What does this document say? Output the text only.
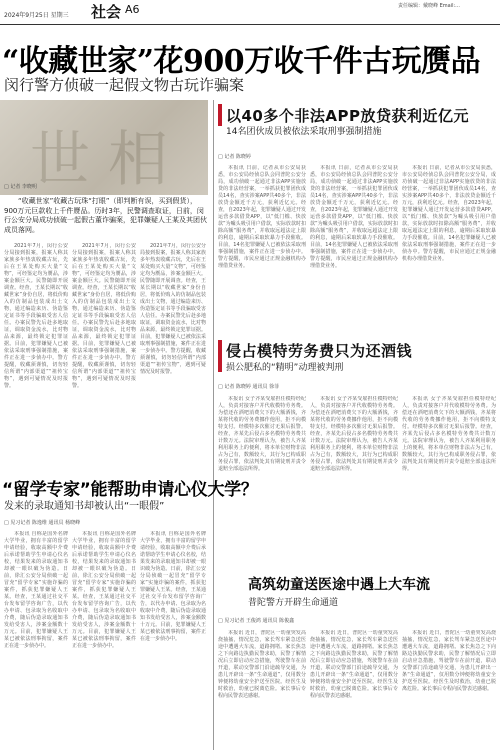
2024年9月25日 星期三 社会 A6	责任编辑：戴晓峰 Email:...
“收藏世家”花900万收千件古玩赝品
闵行警方侦破一起假文物古玩诈骗案
世相
□ 记者 李晓明
“收藏世家”收藏古玩珠“打眼”（即判断有误，买到假货），900万元巨款收上千件赝品。历时3年，民警调查取证，日前，闵行公安分局成功侦破一起假古董诈骗案，犯罪嫌疑人王某及其团伙成员落网。

2021年7月，闵行公安分局接到报案，报案人称其家族多年热衷收藏古玩，先后在王某处购买大量“文物”，可经鉴定均为赝品，涉案金额巨大。民警随即开展调查。经查，王某长期以“收藏世家”身份自居，将低价购入的仿制品包装成出土文物，通过编造来历、伪造鉴定证书等手段骗取受害人信任。办案民警先后赴多地取证，调取资金流水，比对物品来源，最终锁定犯罪证据。目前，犯罪嫌疑人已被依法采取刑事强制措施，案件正在进一步侦办中。警方提醒，收藏须谨慎，切勿轻信所谓“内部渠道”“祖传宝物”，遇到可疑情况及时报警。

2021年7月，闵行公安分局接到报案，报案人称其家族多年热衷收藏古玩，先后在王某处购买大量“文物”，可经鉴定均为赝品，涉案金额巨大。民警随即开展调查。经查，王某长期以“收藏世家”身份自居，将低价购入的仿制品包装成出土文物，通过编造来历、伪造鉴定证书等手段骗取受害人信任。办案民警先后赴多地取证，调取资金流水，比对物品来源，最终锁定犯罪证据。目前，犯罪嫌疑人已被依法采取刑事强制措施，案件正在进一步侦办中。警方提醒，收藏须谨慎，切勿轻信所谓“内部渠道”“祖传宝物”，遇到可疑情况及时报警。

2021年7月，闵行公安分局接到报案，报案人称其家族多年热衷收藏古玩，先后在王某处购买大量“文物”，可经鉴定均为赝品，涉案金额巨大。民警随即开展调查。经查，王某长期以“收藏世家”身份自居，将低价购入的仿制品包装成出土文物，通过编造来历、伪造鉴定证书等手段骗取受害人信任。办案民警先后赴多地取证，调取资金流水，比对物品来源，最终锁定犯罪证据。目前，犯罪嫌疑人已被依法采取刑事强制措施，案件正在进一步侦办中。警方提醒，收藏须谨慎，切勿轻信所谓“内部渠道”“祖传宝物”，遇到可疑情况及时报警。

以40多个非法APP放贷获利近亿元
14名团伙成员被依法采取刑事强制措施
□ 记者 陈晓婷

本报讯 日前，记者从市公安局获悉，市公安局经侦总队会同普陀公安分局，成功侦破一起通过非法APP实施放贷的非法经营案，一举抓获犯罪团伙成员14名，查实涉案APP共40多个，非法放贷金额近千万元，获利近亿元。经查，自2023年起，犯罪嫌疑人通过开发运营多款借贷APP，以“低门槛、快放款”为噱头吸引用户借款，实际放款时扣除高额“服务费”，并收取远超法定上限的利息，逾期后采取软暴力手段催收。目前，14名犯罪嫌疑人已被依法采取刑事强制措施，案件正在进一步侦办中。警方提醒，市民应通过正规金融机构办理借贷业务。

本报讯 日前，记者从市公安局获悉，市公安局经侦总队会同普陀公安分局，成功侦破一起通过非法APP实施放贷的非法经营案，一举抓获犯罪团伙成员14名，查实涉案APP共40多个，非法放贷金额近千万元，获利近亿元。经查，自2023年起，犯罪嫌疑人通过开发运营多款借贷APP，以“低门槛、快放款”为噱头吸引用户借款，实际放款时扣除高额“服务费”，并收取远超法定上限的利息，逾期后采取软暴力手段催收。目前，14名犯罪嫌疑人已被依法采取刑事强制措施，案件正在进一步侦办中。警方提醒，市民应通过正规金融机构办理借贷业务。

本报讯 日前，记者从市公安局获悉，市公安局经侦总队会同普陀公安分局，成功侦破一起通过非法APP实施放贷的非法经营案，一举抓获犯罪团伙成员14名，查实涉案APP共40多个，非法放贷金额近千万元，获利近亿元。经查，自2023年起，犯罪嫌疑人通过开发运营多款借贷APP，以“低门槛、快放款”为噱头吸引用户借款，实际放款时扣除高额“服务费”，并收取远超法定上限的利息，逾期后采取软暴力手段催收。目前，14名犯罪嫌疑人已被依法采取刑事强制措施，案件正在进一步侦办中。警方提醒，市民应通过正规金融机构办理借贷业务。

侵占模特劳务费只为还酒钱
损公肥私的“精明”动理被判刑
□ 记者 陈晓婷 通讯员 徐菲

本报讯 女子齐某受雇担任模特经纪人，负责对接客户并代收模特劳务费。为偿还在酒吧消费欠下的大额酒钱，齐某将代收的劳务费挪作他用，拒不向模特支付。经模特多次催讨无果后报警。经查，齐某先后侵占多名模特劳务费共计数万元。法院审理认为，被告人齐某利用职务上的便利，将本单位财物非法占为己有，数额较大，其行为已构成职务侵占罪，依法判处其有期徒刑并责令退赔全部违法所得。

本报讯 女子齐某受雇担任模特经纪人，负责对接客户并代收模特劳务费。为偿还在酒吧消费欠下的大额酒钱，齐某将代收的劳务费挪作他用，拒不向模特支付。经模特多次催讨无果后报警。经查，齐某先后侵占多名模特劳务费共计数万元。法院审理认为，被告人齐某利用职务上的便利，将本单位财物非法占为己有，数额较大，其行为已构成职务侵占罪，依法判处其有期徒刑并责令退赔全部违法所得。

本报讯 女子齐某受雇担任模特经纪人，负责对接客户并代收模特劳务费。为偿还在酒吧消费欠下的大额酒钱，齐某将代收的劳务费挪作他用，拒不向模特支付。经模特多次催讨无果后报警。经查，齐某先后侵占多名模特劳务费共计数万元。法院审理认为，被告人齐某利用职务上的便利，将本单位财物非法占为己有，数额较大，其行为已构成职务侵占罪，依法判处其有期徒刑并责令退赔全部违法所得。

“留学专家”能帮助申请心仪大学？
发来的录取通知书却被认出“一眼假”
□ 见习记者 陈逸维 通讯员 杨晓峰

本报讯 自称是国外名牌大学毕业，拥有丰富的留学申请经验，收取高额中介费后承诺帮助学生申请心仪名校，结果发来的录取通知书却被一眼识破为伪造。日前，徐汇公安分局侦破一起冒充“留学专家”实施诈骗的案件，抓获犯罪嫌疑人王某。经查，王某通过社交平台发布留学咨询广告，以代办申请、包录取为名收取中介费，随后伪造录取通知书发给受害人，涉案金额数十万元。目前，犯罪嫌疑人王某已被依法刑事拘留，案件正在进一步侦办中。

本报讯 自称是国外名牌大学毕业，拥有丰富的留学申请经验，收取高额中介费后承诺帮助学生申请心仪名校，结果发来的录取通知书却被一眼识破为伪造。日前，徐汇公安分局侦破一起冒充“留学专家”实施诈骗的案件，抓获犯罪嫌疑人王某。经查，王某通过社交平台发布留学咨询广告，以代办申请、包录取为名收取中介费，随后伪造录取通知书发给受害人，涉案金额数十万元。目前，犯罪嫌疑人王某已被依法刑事拘留，案件正在进一步侦办中。

本报讯 自称是国外名牌大学毕业，拥有丰富的留学申请经验，收取高额中介费后承诺帮助学生申请心仪名校，结果发来的录取通知书却被一眼识破为伪造。日前，徐汇公安分局侦破一起冒充“留学专家”实施诈骗的案件，抓获犯罪嫌疑人王某。经查，王某通过社交平台发布留学咨询广告，以代办申请、包录取为名收取中介费，随后伪造录取通知书发给受害人，涉案金额数十万元。目前，犯罪嫌疑人王某已被依法刑事拘留，案件正在进一步侦办中。

高筑幼童送医途中遇上大车流
普陀警方开辟生命通道
□ 见习记者 王俊鸿 通讯员 陈俊鑫

本报讯 近日，普陀区一幼童突发高烧抽搐，情况危急，家长驾车紧急送医途中遭遇大车流，道路拥堵。家长焦急之下向路边执勤民警求助，民警了解情况后立即启动应急措施，驾驶警车在前开道，联动交警部门沿途疏导交通，为患儿开辟出一条“生命通道”，仅用数分钟便将幼童安全护送至医院。经医生及时救治，幼童已脱离危险。家长事后专程向民警表达感谢。

本报讯 近日，普陀区一幼童突发高烧抽搐，情况危急，家长驾车紧急送医途中遭遇大车流，道路拥堵。家长焦急之下向路边执勤民警求助，民警了解情况后立即启动应急措施，驾驶警车在前开道，联动交警部门沿途疏导交通，为患儿开辟出一条“生命通道”，仅用数分钟便将幼童安全护送至医院。经医生及时救治，幼童已脱离危险。家长事后专程向民警表达感谢。

本报讯 近日，普陀区一幼童突发高烧抽搐，情况危急，家长驾车紧急送医途中遭遇大车流，道路拥堵。家长焦急之下向路边执勤民警求助，民警了解情况后立即启动应急措施，驾驶警车在前开道，联动交警部门沿途疏导交通，为患儿开辟出一条“生命通道”，仅用数分钟便将幼童安全护送至医院。经医生及时救治，幼童已脱离危险。家长事后专程向民警表达感谢。
